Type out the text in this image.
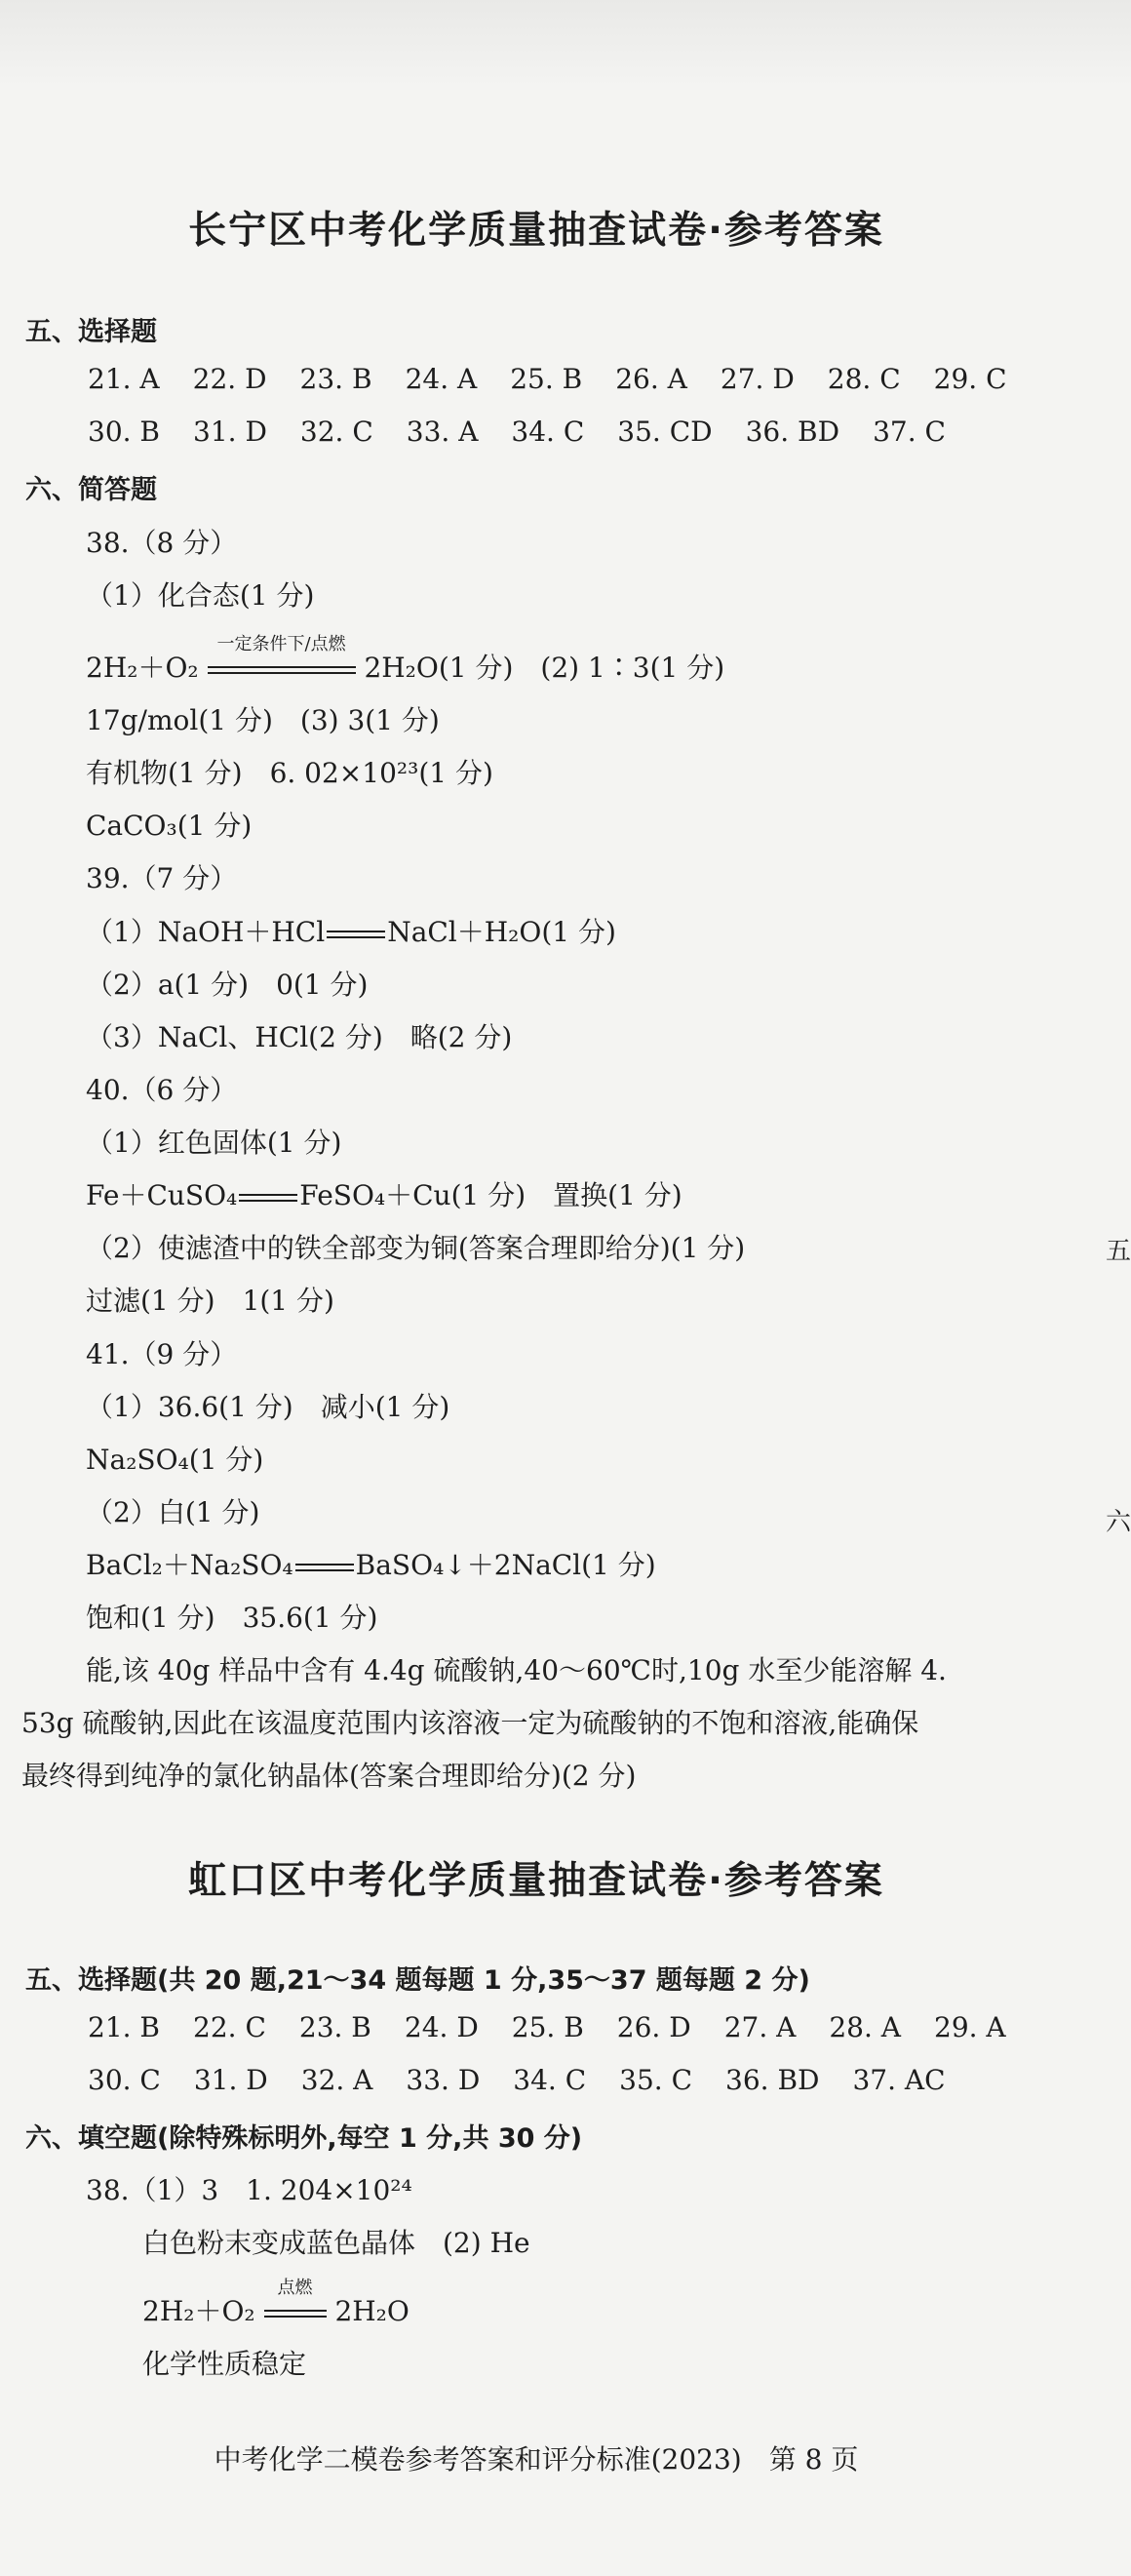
长宁区中考化学质量抽查试卷·参考答案
五、选择题
21. A 22. D 23. B 24. A 25. B 26. A 27. D 28. C 29. C
30. B 31. D 32. C 33. A 34. C 35. CD 36. BD 37. C
六、简答题
38.（8 分）
（1）化合态(1 分)
2H₂＋O₂
一定条件下/点燃
2H₂O(1 分)　(2) 1∶3(1 分)
17g/mol(1 分)　(3) 3(1 分)
有机物(1 分)　6. 02×10²³(1 分)
CaCO₃(1 分)
39.（7 分）
（1）NaOH＋HCl NaCl＋H₂O(1 分)
（2）a(1 分)　0(1 分)
（3）NaCl、HCl(2 分)　略(2 分)
40.（6 分）
（1）红色固体(1 分)
Fe＋CuSO₄ FeSO₄＋Cu(1 分)　置换(1 分)
（2）使滤渣中的铁全部变为铜(答案合理即给分)(1 分)
过滤(1 分)　1(1 分)
41.（9 分）
（1）36.6(1 分)　减小(1 分)
Na₂SO₄(1 分)
（2）白(1 分)
BaCl₂＋Na₂SO₄ BaSO₄↓＋2NaCl(1 分)
饱和(1 分)　35.6(1 分)
能,该 40g 样品中含有 4.4g 硫酸钠,40～60℃时,10g 水至少能溶解 4.
53g 硫酸钠,因此在该温度范围内该溶液一定为硫酸钠的不饱和溶液,能确保
最终得到纯净的氯化钠晶体(答案合理即给分)(2 分)
虹口区中考化学质量抽查试卷·参考答案
五、选择题(共 20 题,21～34 题每题 1 分,35～37 题每题 2 分)
21. B 22. C 23. B 24. D 25. B 26. D 27. A 28. A 29. A
30. C 31. D 32. A 33. D 34. C 35. C 36. BD 37. AC
六、填空题(除特殊标明外,每空 1 分,共 30 分)
38.（1）3　1. 204×10²⁴
白色粉末变成蓝色晶体　(2) He
2H₂＋O₂
点燃
2H₂O
化学性质稳定
五
六
中考化学二模卷参考答案和评分标准(2023)　第 8 页
